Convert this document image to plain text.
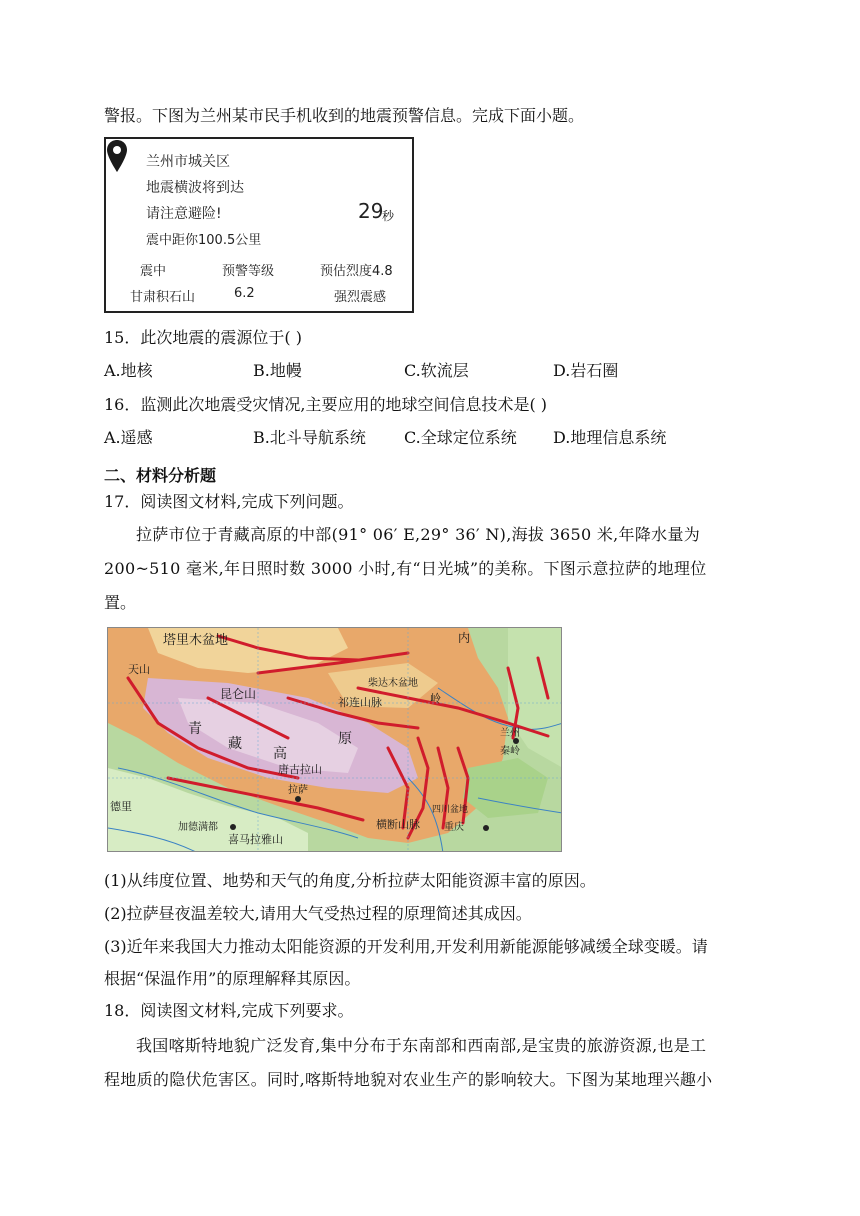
警报。下图为兰州某市民手机收到的地震预警信息。完成下面小题。
兰州市城关区
地震横波将到达
请注意避险!	29
秒
震中距你100.5公里
震中	预警等级	预估烈度4.8
甘肃积石山	6.2	强烈震感
15．此次地震的震源位于( )
A.地核	B.地幔	C.软流层	D.岩石圈
16．监测此次地震受灾情况,主要应用的地球空间信息技术是( )
A.遥感	B.北斗导航系统 C.全球定位系统 D.地理信息系统
二、材料分析题
17．阅读图文材料,完成下列问题。
拉萨市位于青藏高原的中部(91° 06′ E,29° 36′ N),海拔 3650 米,年降水量为
200~510 毫米,年日照时数 3000 小时,有“日光城”的美称。下图示意拉萨的地理位
置。
塔里木盆地
昆仑山
青
藏
高
原
祁连山脉
柴达木盆地
兰州
重庆
四川盆地
拉萨
加德满都
德里
喜马拉雅山
唐古拉山
横断山脉
秦岭
内
天山
岭
(1)从纬度位置、地势和天气的角度,分析拉萨太阳能资源丰富的原因。
(2)拉萨昼夜温差较大,请用大气受热过程的原理简述其成因。
(3)近年来我国大力推动太阳能资源的开发利用,开发利用新能源能够减缓全球变暖。请
根据“保温作用”的原理解释其原因。
18．阅读图文材料,完成下列要求。
我国喀斯特地貌广泛发育,集中分布于东南部和西南部,是宝贵的旅游资源,也是工
程地质的隐伏危害区。同时,喀斯特地貌对农业生产的影响较大。下图为某地理兴趣小
